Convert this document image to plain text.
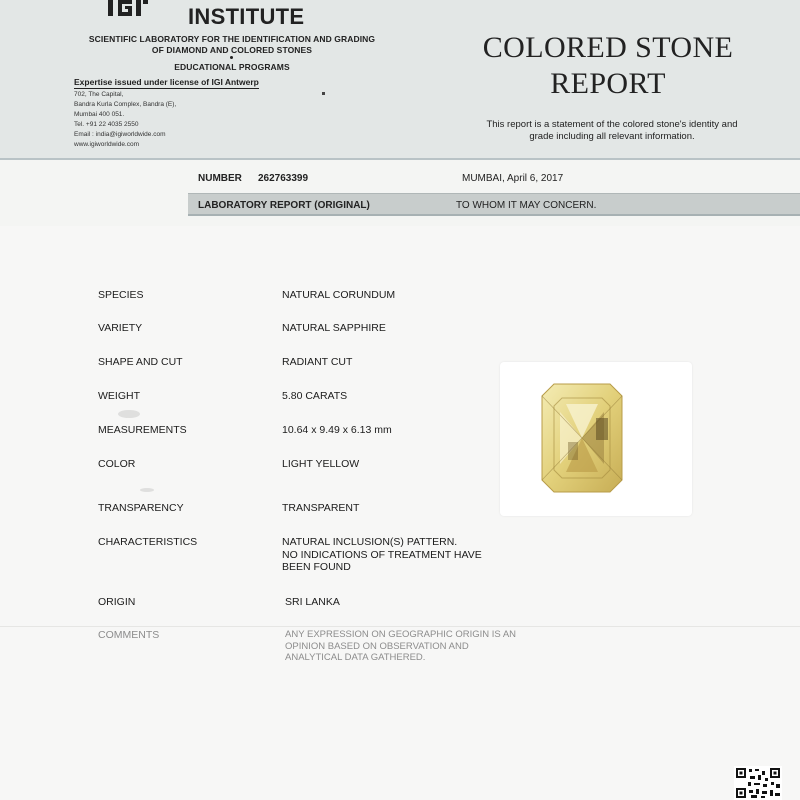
INSTITUTE
SCIENTIFIC LABORATORY FOR THE IDENTIFICATION AND GRADING
OF DIAMOND AND COLORED STONES
EDUCATIONAL PROGRAMS
Expertise issued under license of IGI Antwerp
702, The Capital,
Bandra Kurla Complex, Bandra (E),
Mumbai 400 051.
Tel. +91 22 4035 2550
Email : india@igiworldwide.com
www.igiworldwide.com
COLORED STONE
REPORT
This report is a statement of the colored stone's identity and grade including all relevant information.
NUMBER 262763399	MUMBAI, April 6, 2017
LABORATORY REPORT (ORIGINAL)	TO WHOM IT MAY CONCERN.
SPECIES	NATURAL CORUNDUM
VARIETY	NATURAL SAPPHIRE
SHAPE AND CUT	RADIANT CUT
WEIGHT	5.80 CARATS
MEASUREMENTS	10.64 x 9.49 x 6.13 mm
COLOR	LIGHT YELLOW
TRANSPARENCY	TRANSPARENT
CHARACTERISTICS	NATURAL INCLUSION(S) PATTERN.
NO INDICATIONS OF TREATMENT HAVE
BEEN FOUND
ORIGIN	SRI LANKA
COMMENTS	ANY EXPRESSION ON GEOGRAPHIC ORIGIN IS AN
OPINION BASED ON OBSERVATION AND
ANALYTICAL DATA GATHERED.
